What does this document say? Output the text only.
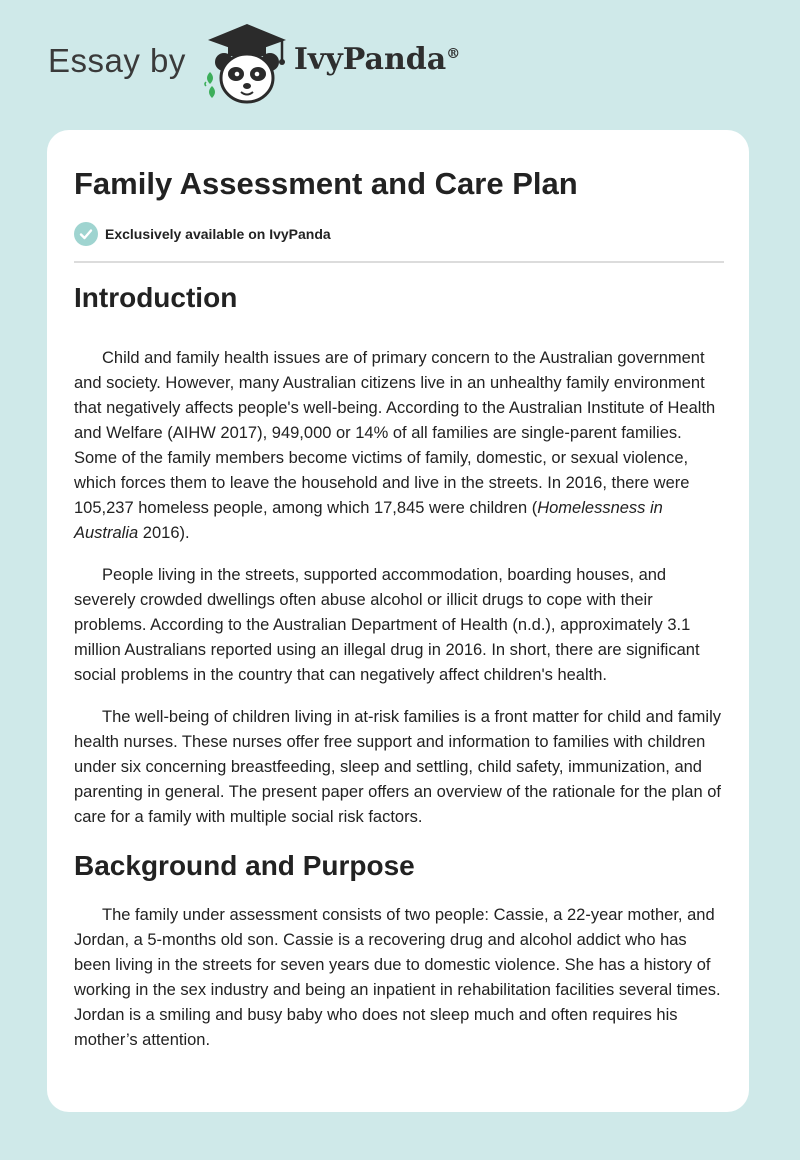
Essay by	IvyPanda®
Family Assessment and Care Plan
Exclusively available on IvyPanda
Introduction

Child and family health issues are of primary concern to the Australian government and society. However, many Australian citizens live in an unhealthy family environment that negatively affects people's well-being. According to the Australian Institute of Health and Welfare (AIHW 2017), 949,000 or 14% of all families are single-parent families. Some of the family members become victims of family, domestic, or sexual violence, which forces them to leave the household and live in the streets. In 2016, there were 105,237 homeless people, among which 17,845 were children (Homelessness in Australia 2016).

People living in the streets, supported accommodation, boarding houses, and severely crowded dwellings often abuse alcohol or illicit drugs to cope with their problems. According to the Australian Department of Health (n.d.), approximately 3.1 million Australians reported using an illegal drug in 2016. In short, there are significant social problems in the country that can negatively affect children's health.

The well-being of children living in at-risk families is a front matter for child and family health nurses. These nurses offer free support and information to families with children under six concerning breastfeeding, sleep and settling, child safety, immunization, and parenting in general. The present paper offers an overview of the rationale for the plan of care for a family with multiple social risk factors.

Background and Purpose

The family under assessment consists of two people: Cassie, a 22-year mother, and Jordan, a 5-months old son. Cassie is a recovering drug and alcohol addict who has been living in the streets for seven years due to domestic violence. She has a history of working in the sex industry and being an inpatient in rehabilitation facilities several times. Jordan is a smiling and busy baby who does not sleep much and often requires his mother’s attention.
